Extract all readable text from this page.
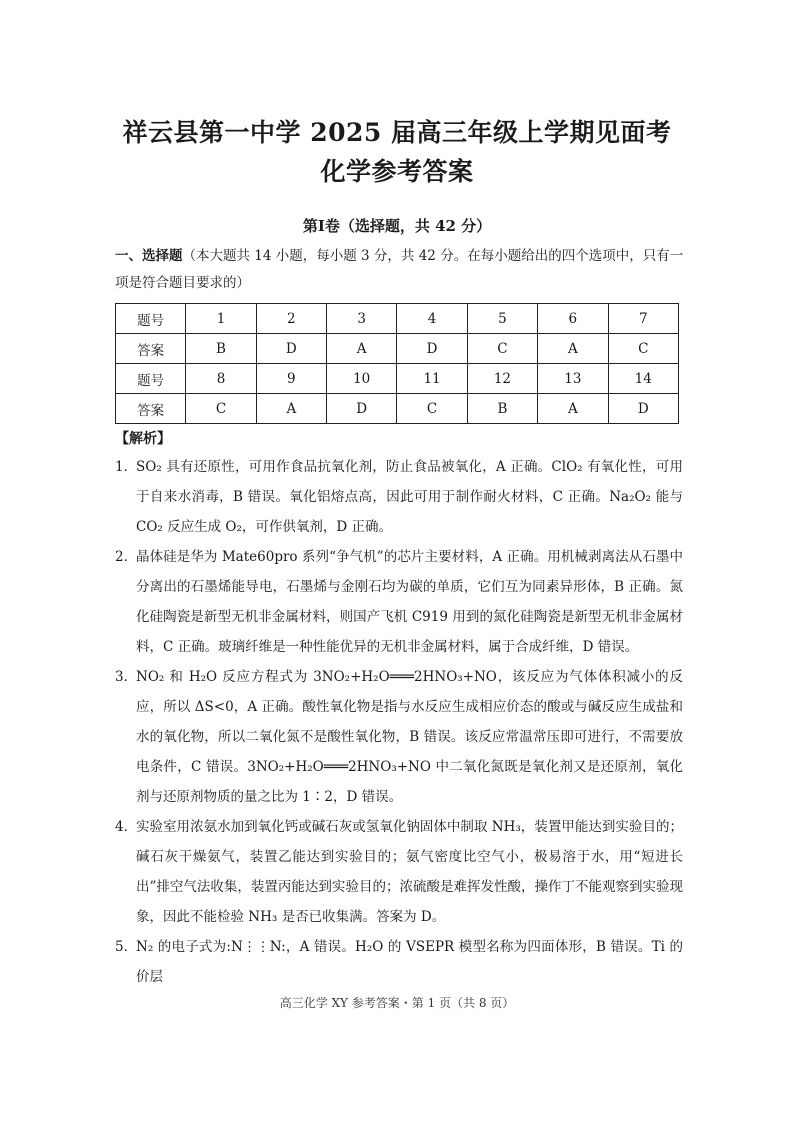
祥云县第一中学 2025 届高三年级上学期见面考
化学参考答案
第Ⅰ卷（选择题，共 42 分）
一、选择题（本大题共 14 小题，每小题 3 分，共 42 分。在每小题给出的四个选项中，只有一项是符合题目要求的）
题号	1	2	3	4	5	6	7
答案	B	D	A	D	C	A	C
题号	8	9	10	11	12	13	14
答案	C	A	D	C	B	A	D
【解析】

1．
SO₂ 具有还原性，可用作食品抗氧化剂，防止食品被氧化，A 正确。ClO₂ 有氧化性，可用于自来水消毒，B 错误。氧化铝熔点高，因此可用于制作耐火材料，C 正确。Na₂O₂ 能与 CO₂ 反应生成 O₂，可作供氧剂，D 正确。

2．
晶体硅是华为 Mate60pro 系列“争气机”的芯片主要材料，A 正确。用机械剥离法从石墨中分离出的石墨烯能导电，石墨烯与金刚石均为碳的单质，它们互为同素异形体，B 正确。氮化硅陶瓷是新型无机非金属材料，则国产飞机 C919 用到的氮化硅陶瓷是新型无机非金属材料，C 正确。玻璃纤维是一种性能优异的无机非金属材料，属于合成纤维，D 错误。

3．
NO₂ 和 H₂O 反应方程式为 3NO₂+H₂O═══2HNO₃+NO，该反应为气体体积减小的反应，所以 ΔS<0，A 正确。酸性氧化物是指与水反应生成相应价态的酸或与碱反应生成盐和水的氧化物，所以二氧化氮不是酸性氧化物，B 错误。该反应常温常压即可进行，不需要放电条件，C 错误。3NO₂+H₂O═══2HNO₃+NO 中二氧化氮既是氧化剂又是还原剂，氧化剂与还原剂物质的量之比为 1∶2，D 错误。

4．
实验室用浓氨水加到氧化钙或碱石灰或氢氧化钠固体中制取 NH₃，装置甲能达到实验目的；碱石灰干燥氨气，装置乙能达到实验目的；氨气密度比空气小，极易溶于水，用“短进长出”排空气法收集，装置丙能达到实验目的；浓硫酸是难挥发性酸，操作丁不能观察到实验现象，因此不能检验 NH₃ 是否已收集满。答案为 D。

5．
N₂ 的电子式为:N⋮⋮N:，A 错误。H₂O 的 VSEPR 模型名称为四面体形，B 错误。Ti 的价层

高三化学 XY 参考答案・第 1 页（共 8 页）
